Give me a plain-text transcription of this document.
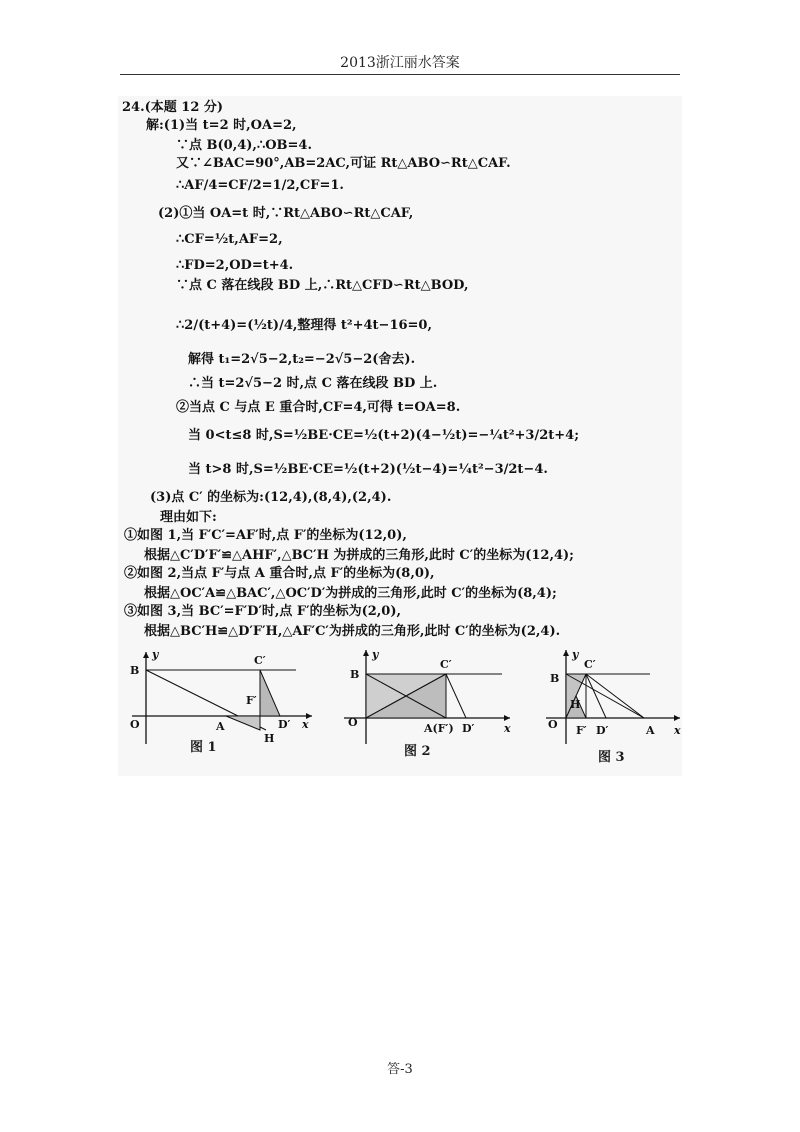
2013浙江丽水答案
24.(本题 12 分)
解:(1)当 t=2 时,OA=2,
∵点 B(0,4),∴OB=4.
又∵∠BAC=90°,AB=2AC,可证 Rt△ABO∽Rt△CAF.
∴AF/4=CF/2=1/2,CF=1.
(2)①当 OA=t 时,∵Rt△ABO∽Rt△CAF,
∴CF=½t,AF=2,
∴FD=2,OD=t+4.
∵点 C 落在线段 BD 上,∴Rt△CFD∽Rt△BOD,
∴2/(t+4)=(½t)/4,整理得 t²+4t−16=0,
解得 t₁=2√5−2,t₂=−2√5−2(舍去).
∴当 t=2√5−2 时,点 C 落在线段 BD 上.
②当点 C 与点 E 重合时,CF=4,可得 t=OA=8.
当 0<t≤8 时,S=½BE·CE=½(t+2)(4−½t)=−¼t²+3/2t+4;
当 t>8 时,S=½BE·CE=½(t+2)(½t−4)=¼t²−3/2t−4.
(3)点 C′ 的坐标为:(12,4),(8,4),(2,4).
理由如下:
①如图 1,当 F′C′=AF′时,点 F′的坐标为(12,0),
根据△C′D′F′≌△AHF′,△BC′H 为拼成的三角形,此时 C′的坐标为(12,4);
②如图 2,当点 F′与点 A 重合时,点 F′的坐标为(8,0),
根据△OC′A≌△BAC′,△OC′D′为拼成的三角形,此时 C′的坐标为(8,4);
③如图 3,当 BC′=F′D′时,点 F′的坐标为(2,0),
根据△BC′H≌△D′F′H,△AF′C′为拼成的三角形,此时 C′的坐标为(2,4).
y
x
O
B
A
C′
F′
D′
H
图 1
y
x
O
B
C′
A(F′) D′
图 2
y
x
O
B
C′
H
F′ D′	A
图 3
答-3
